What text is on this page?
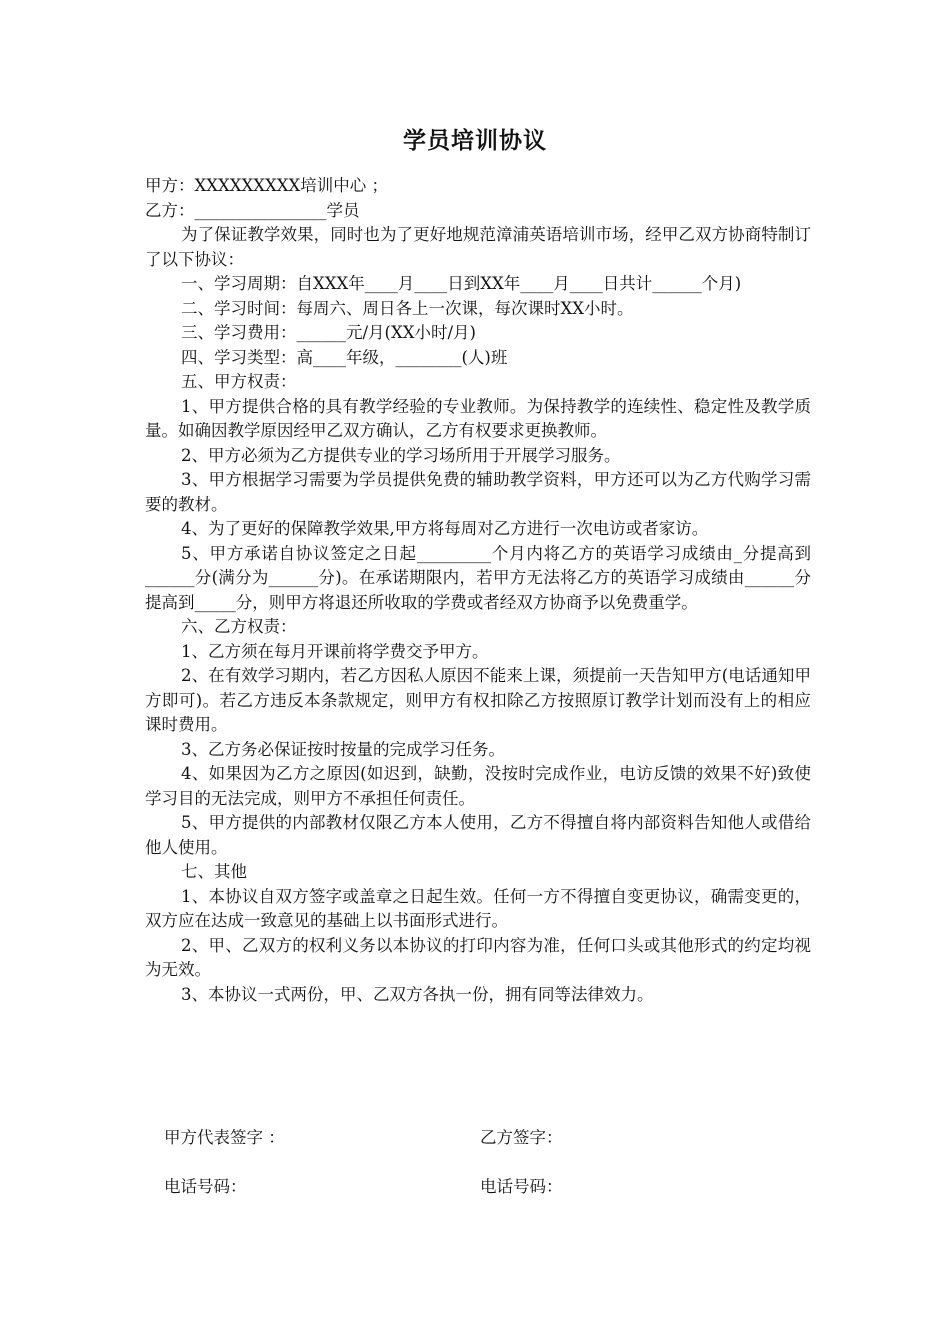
学员培训协议

甲方：XXXXXXXXX培训中心 ；

乙方：________________学员

为了保证教学效果，同时也为了更好地规范漳浦英语培训市场，经甲乙双方协商特制订了以下协议：

一、学习周期：自XXX年____月____日到XX年____月____日共计______个月)

二、学习时间：每周六、周日各上一次课，每次课时XX小时。

三、学习费用：______元/月(XX小时/月)

四、学习类型：高____年级，________(人)班

五、甲方权责：

1、甲方提供合格的具有教学经验的专业教师。为保持教学的连续性、稳定性及教学质量。如确因教学原因经甲乙双方确认，乙方有权要求更换教师。

2、甲方必须为乙方提供专业的学习场所用于开展学习服务。

3、甲方根据学习需要为学员提供免费的辅助教学资料，甲方还可以为乙方代购学习需要的教材。

4、为了更好的保障教学效果,甲方将每周对乙方进行一次电访或者家访。

5、甲方承诺自协议签定之日起_________个月内将乙方的英语学习成绩由_分提高到______分(满分为______分)。在承诺期限内，若甲方无法将乙方的英语学习成绩由______分提高到_____分，则甲方将退还所收取的学费或者经双方协商予以免费重学。

六、乙方权责：

1、乙方须在每月开课前将学费交予甲方。

2、在有效学习期内，若乙方因私人原因不能来上课，须提前一天告知甲方(电话通知甲方即可)。若乙方违反本条款规定，则甲方有权扣除乙方按照原订教学计划而没有上的相应课时费用。

3、乙方务必保证按时按量的完成学习任务。

4、如果因为乙方之原因(如迟到，缺勤，没按时完成作业，电访反馈的效果不好)致使学习目的无法完成，则甲方不承担任何责任。

5、甲方提供的内部教材仅限乙方本人使用，乙方不得擅自将内部资料告知他人或借给他人使用。

七、其他

1、本协议自双方签字或盖章之日起生效。任何一方不得擅自变更协议，确需变更的，双方应在达成一致意见的基础上以书面形式进行。

2、甲、乙双方的权利义务以本协议的打印内容为准，任何口头或其他形式的约定均视为无效。

3、本协议一式两份，甲、乙双方各执一份，拥有同等法律效力。

甲方代表签字 ：	乙方签字：
电话号码：	电话号码：
